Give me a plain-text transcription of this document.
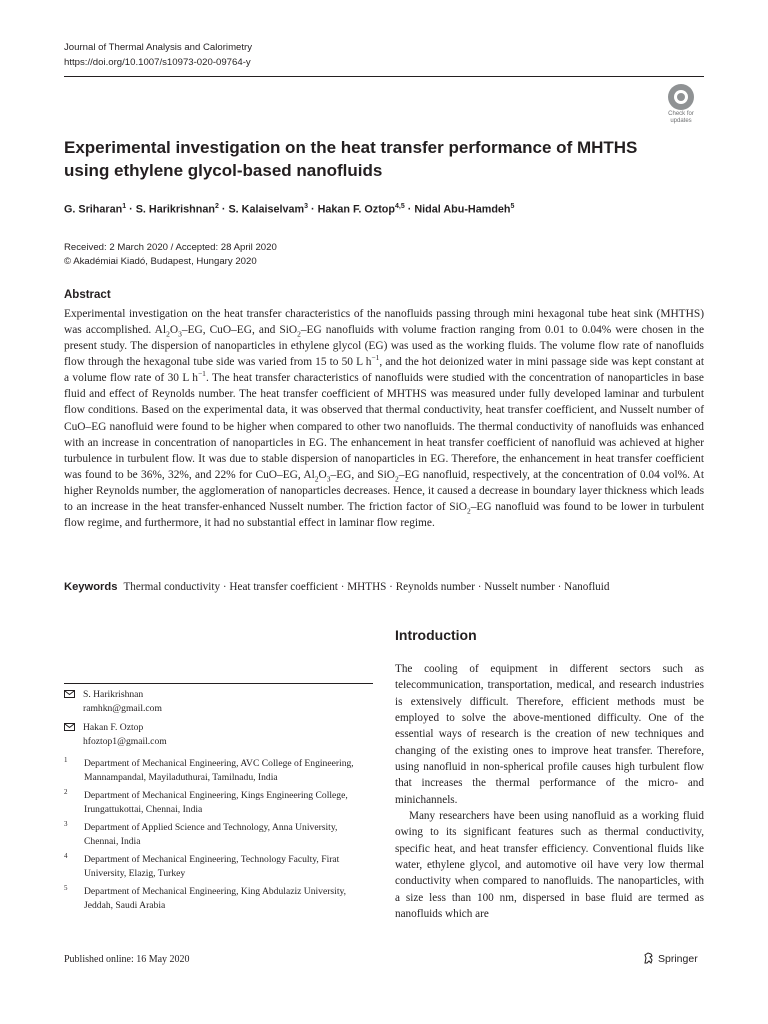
Journal of Thermal Analysis and Calorimetry
https://doi.org/10.1007/s10973-020-09764-y
Check for
updates
Experimental investigation on the heat transfer performance of MHTHS using ethylene glycol-based nanofluids
G. Sriharan$^1$ · S. Harikrishnan$^2$ · S. Kalaiselvam$^3$ · Hakan F. Oztop$^{4,5}$ · Nidal Abu-Hamdeh$^5$
Received: 2 March 2020 / Accepted: 28 April 2020
© Akadémiai Kiadó, Budapest, Hungary 2020
Abstract

Experimental investigation on the heat transfer characteristics of the nanofluids passing through mini hexagonal tube heat sink (MHTHS) was accomplished. $Al_2O_3-EG$, CuO–EG, and SiO$_2$–EG nanofluids with volume fraction ranging from 0.01 to 0.04% were chosen in the present study. The dispersion of nanoparticles in ethylene glycol (EG) was used as the working fluids. The volume flow rate of nanofluids flow through the hexagonal tube side was varied from 15 to 50 L $h^{-1}$, and the hot deionized water in mini passage side was kept constant at a volume flow rate of 30 L $h^{-1}$. The heat transfer characteristics of nanofluids were studied with the concentration of nanoparticles in base fluid and effect of Reynolds number. The heat transfer coefficient of MHTHS was measured under fully developed laminar and turbulent flow conditions. Based on the experimental data, it was observed that thermal conductivity, heat transfer coefficient, and Nusselt number of CuO–EG nanofluid were found to be higher when compared to other two nanofluids. The thermal conductivity of nanofluids was enhanced with an increase in concentration of nanoparticles in EG. The enhancement in heat transfer coefficient of nanofluid was achieved at higher turbulence in turbulent flow. It was due to stable dispersion of nanoparticles in EG. Therefore, the enhancement in heat transfer coefficient was found to be 36%, 32%, and 22% for CuO–EG, $Al_2O_3-EG$, and SiO$_2$–EG nanofluid, respectively, at the concentration of 0.04 vol%. At higher Reynolds number, the agglomeration of nanoparticles decreases. Hence, it caused a decrease in boundary layer thickness which leads to an increase in the heat transfer-enhanced Nusselt number. The friction factor of SiO$_2$–EG nanofluid was found to be lower in turbulent flow regime, and furthermore, it had no substantial effect in laminar flow regime.

Keywords Thermal conductivity · Heat transfer coefficient · MHTHS · Reynolds number · Nusselt number · Nanofluid
Introduction

The cooling of equipment in different sectors such as telecommunication, transportation, medical, and research industries is extensively difficult. Therefore, efficient methods must be employed to solve the above-mentioned difficulty. One of the essential ways of research is the creation of new techniques and changing of the existing ones to improve heat transfer. Therefore, using nanofluid in non-spherical profile causes high turbulent flow that increases the thermal performance of the micro- and minichannels.

Many researchers have been using nanofluid as a working fluid owing to its significant features such as thermal conductivity, specific heat, and heat transfer efficiency. Conventional fluids like water, ethylene glycol, and automotive oil have very low thermal conductivity when compared to nanofluids. The nanoparticles, with a size less than 100 nm, dispersed in base fluid are termed as nanofluids which are

S. Harikrishnan
ramhkn@gmail.com
Hakan F. Oztop
hfoztop1@gmail.com
1 Department of Mechanical Engineering, AVC College of Engineering, Mannampandal, Mayiladuthurai, Tamilnadu, India
2 Department of Mechanical Engineering, Kings Engineering College, Irungattukottai, Chennai, India
3 Department of Applied Science and Technology, Anna University, Chennai, India
4 Department of Mechanical Engineering, Technology Faculty, Firat University, Elazig, Turkey
5 Department of Mechanical Engineering, King Abdulaziz University, Jeddah, Saudi Arabia
Published online: 16 May 2020	Springer
